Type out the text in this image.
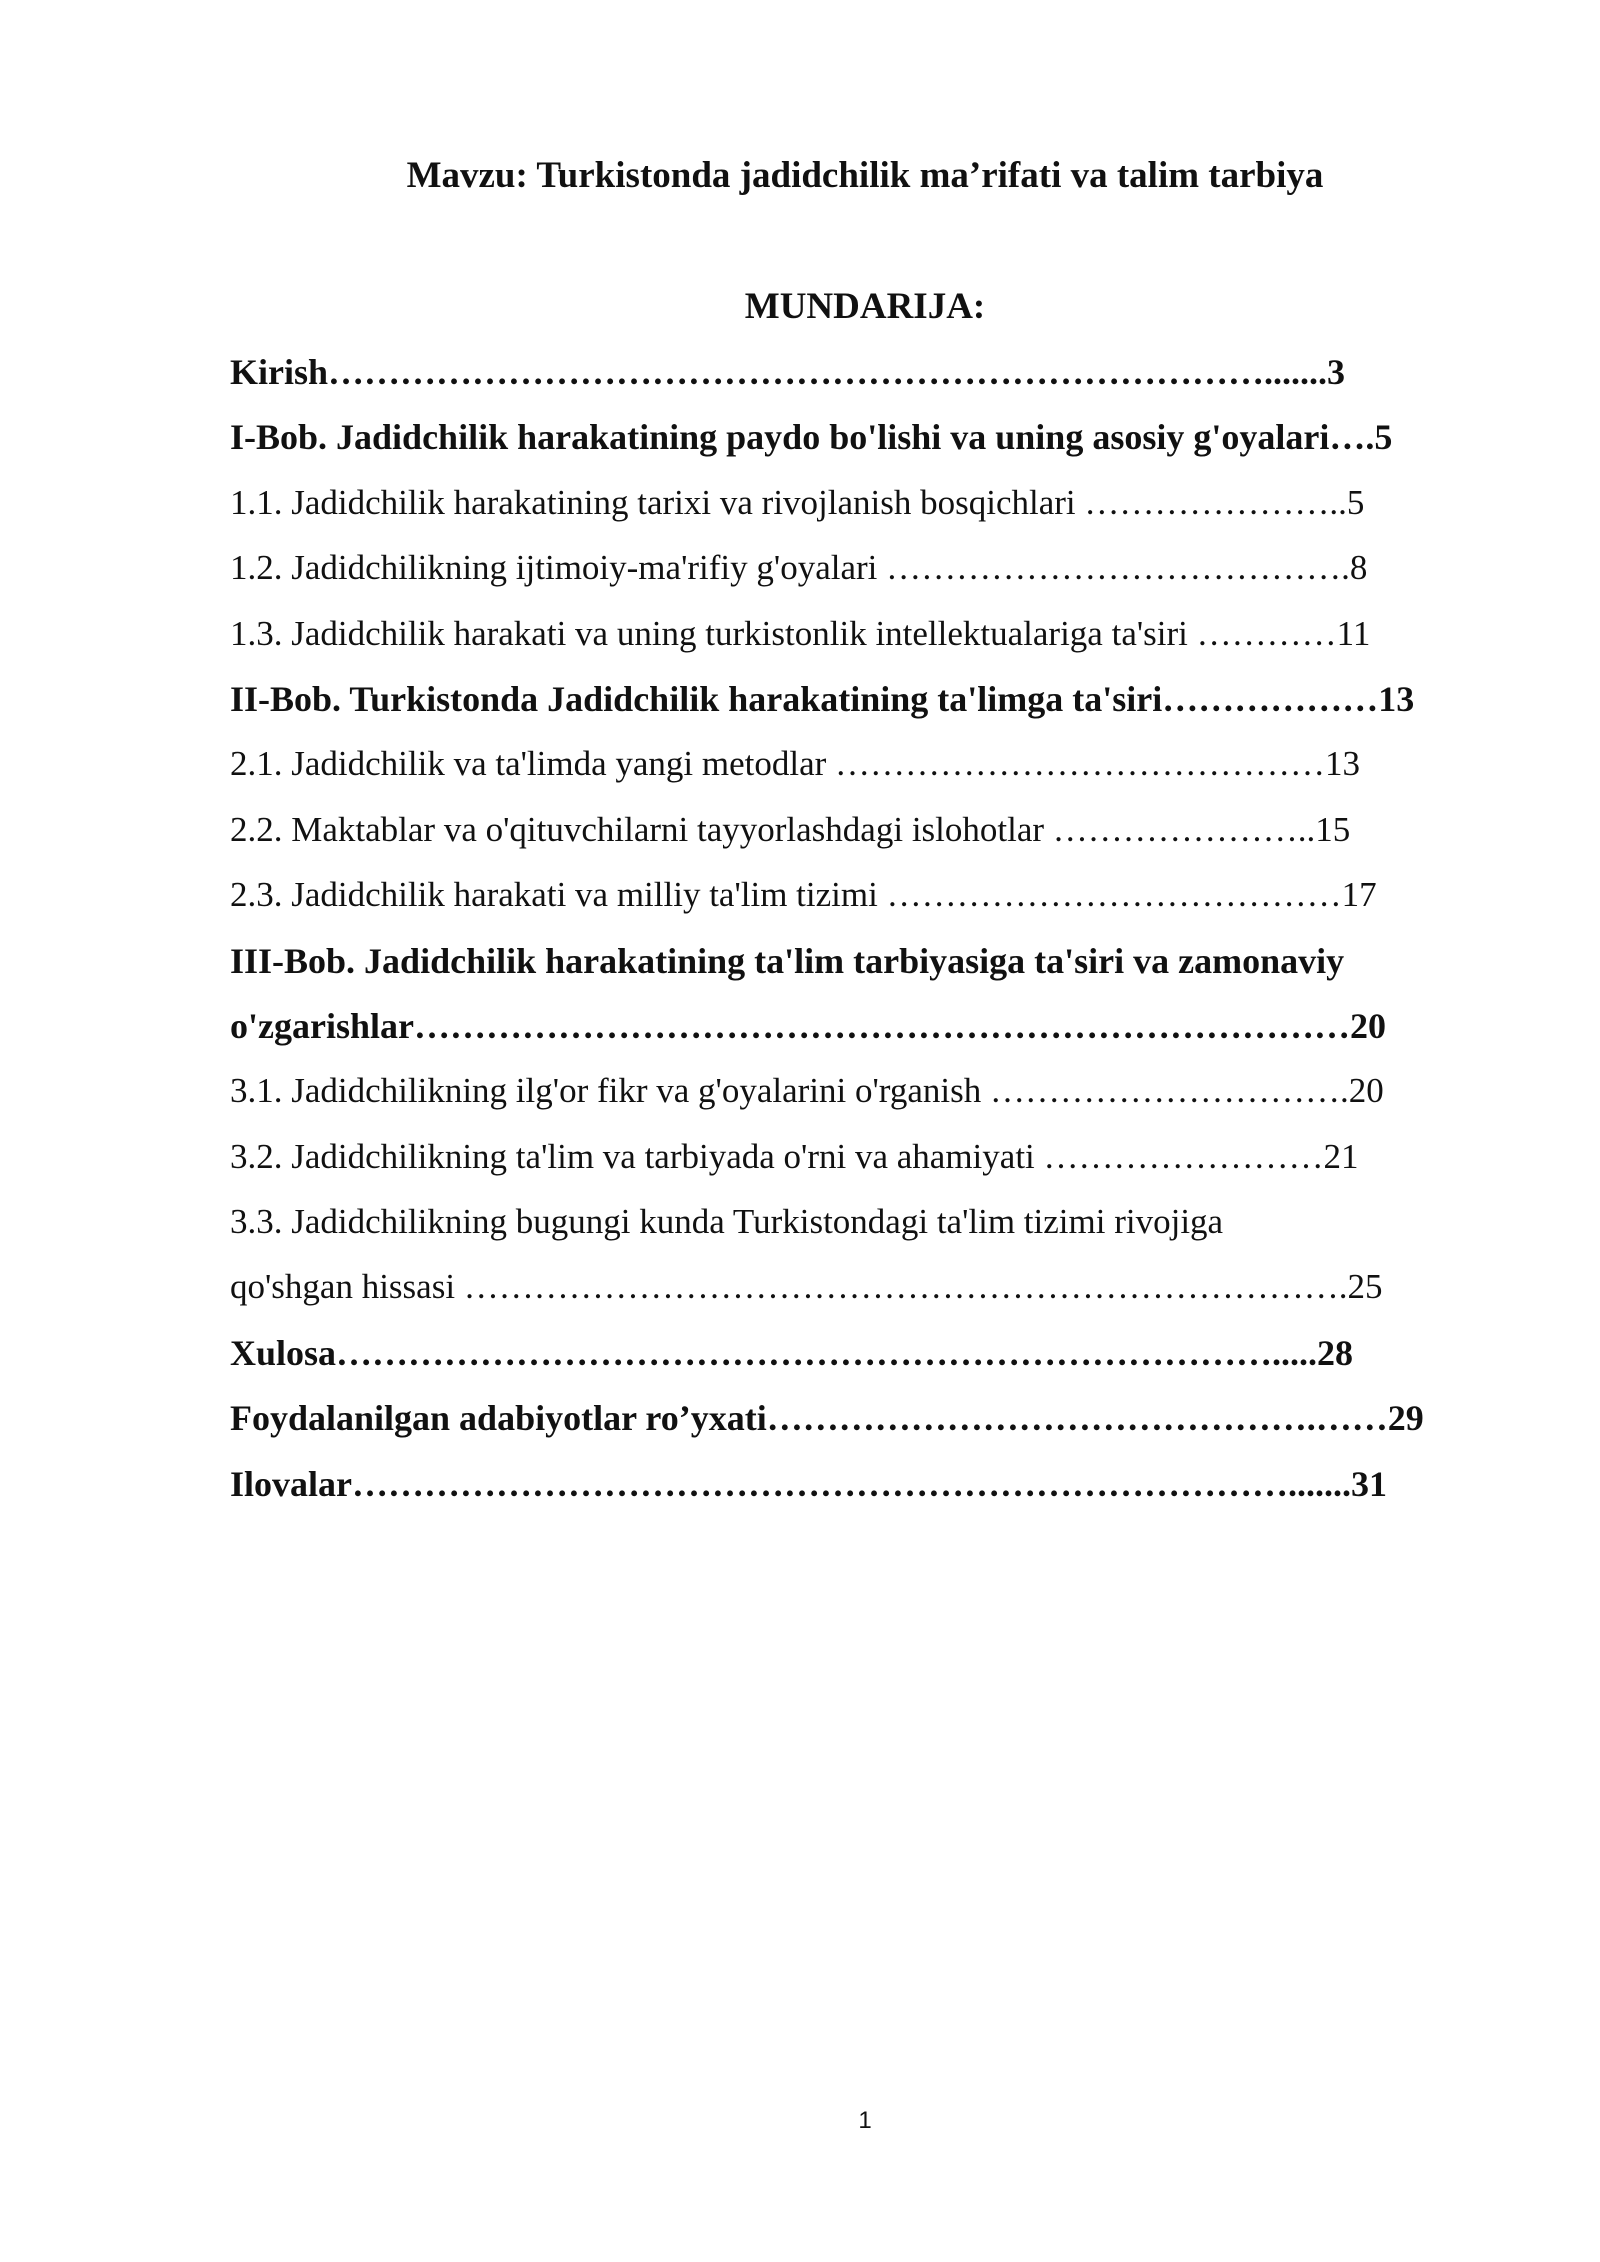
Mavzu: Turkistonda jadidchilik ma’rifati va talim tarbiya
MUNDARIJA:
Kirish…………………………………………………………………….......3
I-Bob. Jadidchilik harakatining paydo bo'lishi va uning asosiy g'oyalari….5
1.1. Jadidchilik harakatining tarixi va rivojlanish bosqichlari …………………..5
1.2. Jadidchilikning ijtimoiy-ma'rifiy g'oyalari ………………………………….8
1.3. Jadidchilik harakati va uning turkistonlik intellektualariga ta'siri …………11
II-Bob. Turkistonda Jadidchilik harakatining ta'limga ta'siri………………13
2.1. Jadidchilik va ta'limda yangi metodlar ……………………………………13
2.2. Maktablar va o'qituvchilarni tayyorlashdagi islohotlar …………………..15
2.3. Jadidchilik harakati va milliy ta'lim tizimi …………………………………17
III-Bob. Jadidchilik harakatining ta'lim tarbiyasiga ta'siri va zamonaviy
o'zgarishlar……………………………………………………………………20
3.1. Jadidchilikning ilg'or fikr va g'oyalarini o'rganish ………………………….20
3.2. Jadidchilikning ta'lim va tarbiyada o'rni va ahamiyati ……………………21
3.3. Jadidchilikning bugungi kunda Turkistondagi ta'lim tizimi rivojiga
qo'shgan hissasi ………………………………………………………………….25
Xulosa…………………………………………………………………….....28
Foydalanilgan adabiyotlar ro’yxati……………………………………….……29
Ilovalar…………………………………………………………………….......31
1
